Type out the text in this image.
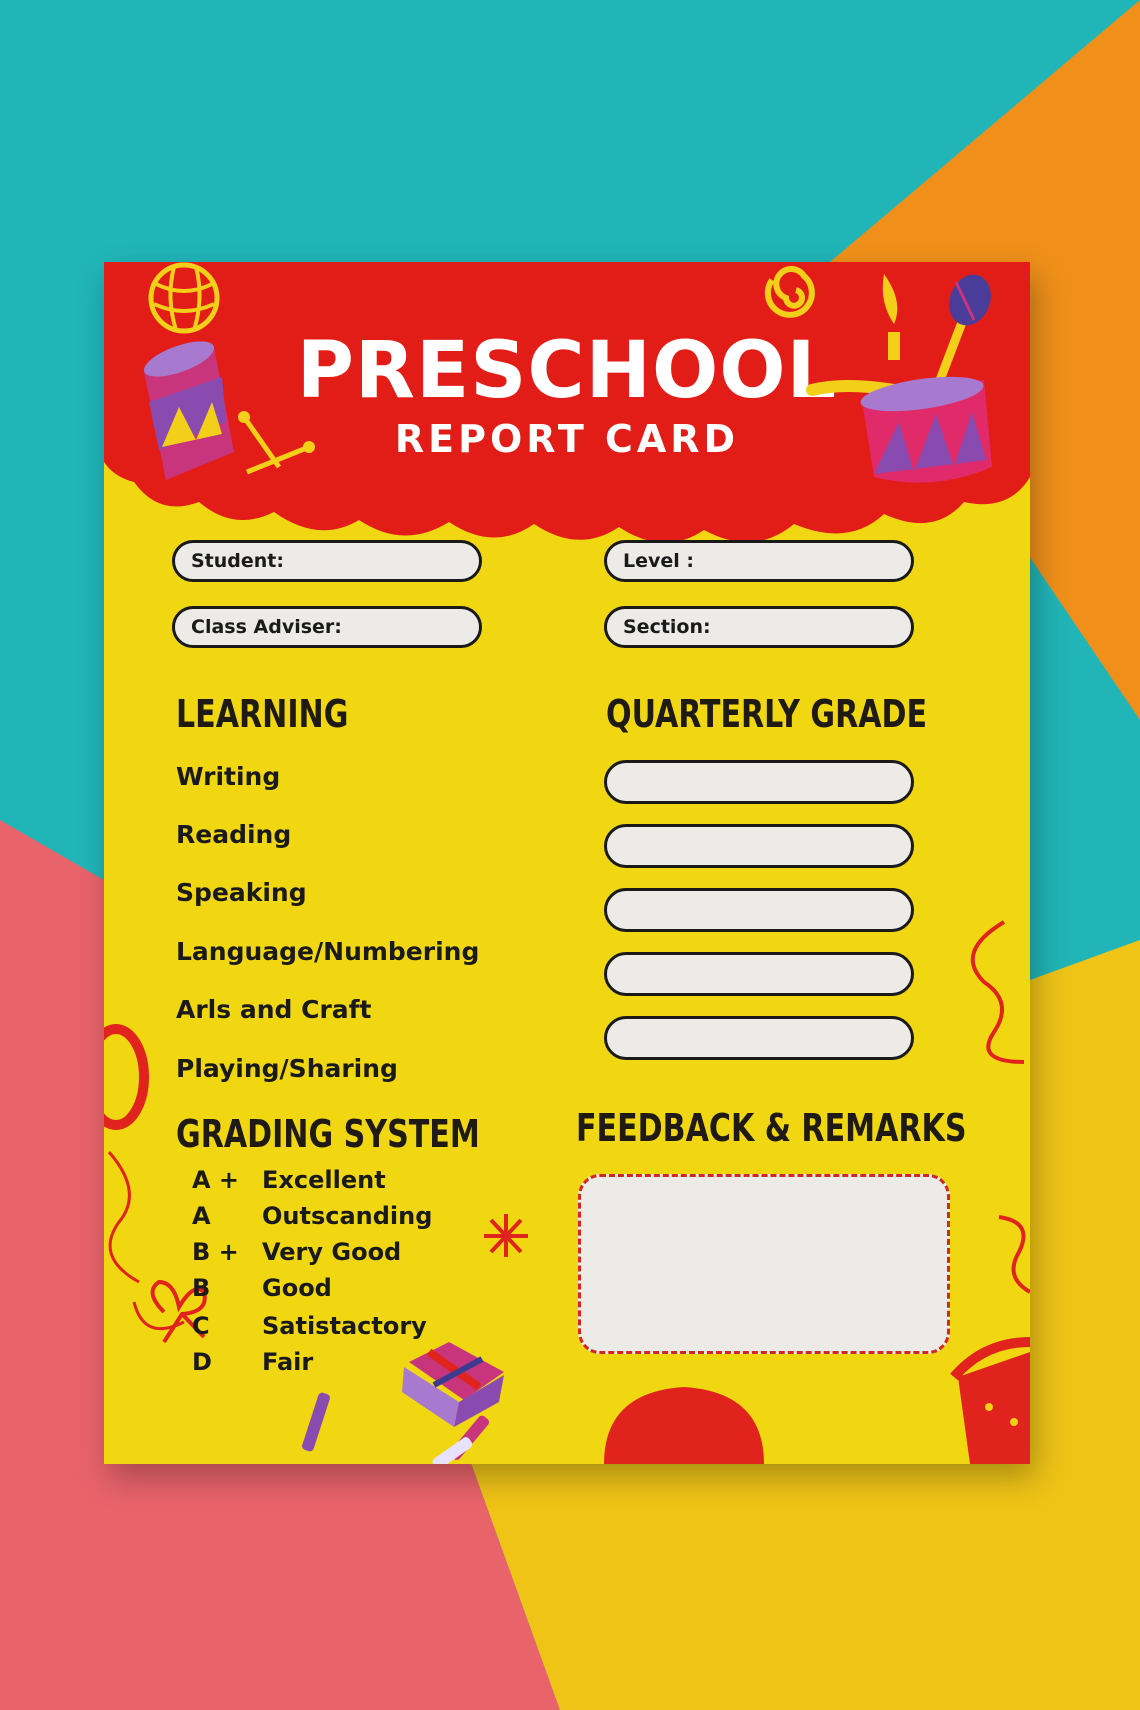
PRESCHOOL
REPORT CARD
Student:	Level :
Class Adviser:	Section:
LEARNING	QUARTERLY GRADE

Writing

Reading

Speaking

Language/Numbering

Arls and Craft

Playing/Sharing

GRADING SYSTEM
A + Excellent
A	Outscanding
B + Very Good
B	Good
C	Satistactory
D	Fair
FEEDBACK & REMARKS
